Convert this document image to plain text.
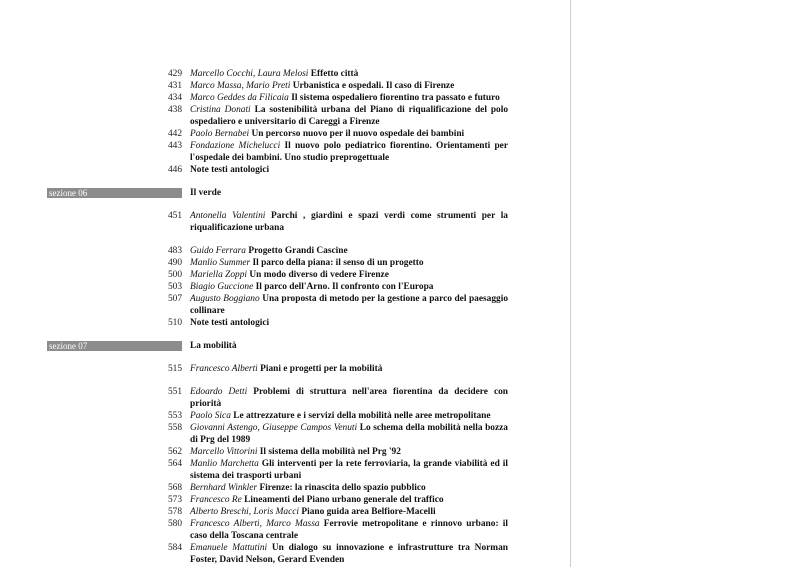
429 Marcello Cocchi, Laura Melosi Effetto città
431 Marco Massa, Mario Preti Urbanistica e ospedali. Il caso di Firenze
434 Marco Geddes da Filicaia Il sistema ospedaliero fiorentino tra passato e futuro
438 Cristina Donati La sostenibilità urbana del Piano di riqualificazione del polo ospedaliero e universitario di Careggi a Firenze
442 Paolo Bernabei Un percorso nuovo per il nuovo ospedale dei bambini
443 Fondazione Michelucci Il nuovo polo pediatrico fiorentino. Orientamenti per l'ospedale dei bambini. Uno studio preprogettuale
446 Note testi antologici
sezione 06	Il verde
451 Antonella Valentini Parchi , giardini e spazi verdi come strumenti per la riqualificazione urbana
483 Guido Ferrara Progetto Grandi Cascine
490 Manlio Summer Il parco della piana: il senso di un progetto
500 Mariella Zoppi Un modo diverso di vedere Firenze
503 Biagio Guccione Il parco dell'Arno. Il confronto con l'Europa
507 Augusto Boggiano Una proposta di metodo per la gestione a parco del paesaggio collinare
510 Note testi antologici
sezione 07	La mobilità
515 Francesco Alberti Piani e progetti per la mobilità
551 Edoardo Detti Problemi di struttura nell'area fiorentina da decidere con priorità
553 Paolo Sica Le attrezzature e i servizi della mobilità nelle aree metropolitane
558 Giovanni Astengo, Giuseppe Campos Venuti Lo schema della mobilità nella bozza di Prg del 1989
562 Marcello Vittorini Il sistema della mobilità nel Prg '92
564 Manlio Marchetta Gli interventi per la rete ferroviaria, la grande viabilità ed il sistema dei trasporti urbani
568 Bernhard Winkler Firenze: la rinascita dello spazio pubblico
573 Francesco Re Lineamenti del Piano urbano generale del traffico
578 Alberto Breschi, Loris Macci Piano guida area Belfiore-Macelli
580 Francesco Alberti, Marco Massa Ferrovie metropolitane e rinnovo urbano: il caso della Toscana centrale
584 Emanuele Mattutini Un dialogo su innovazione e infrastrutture tra Norman Foster, David Nelson, Gerard Evenden
